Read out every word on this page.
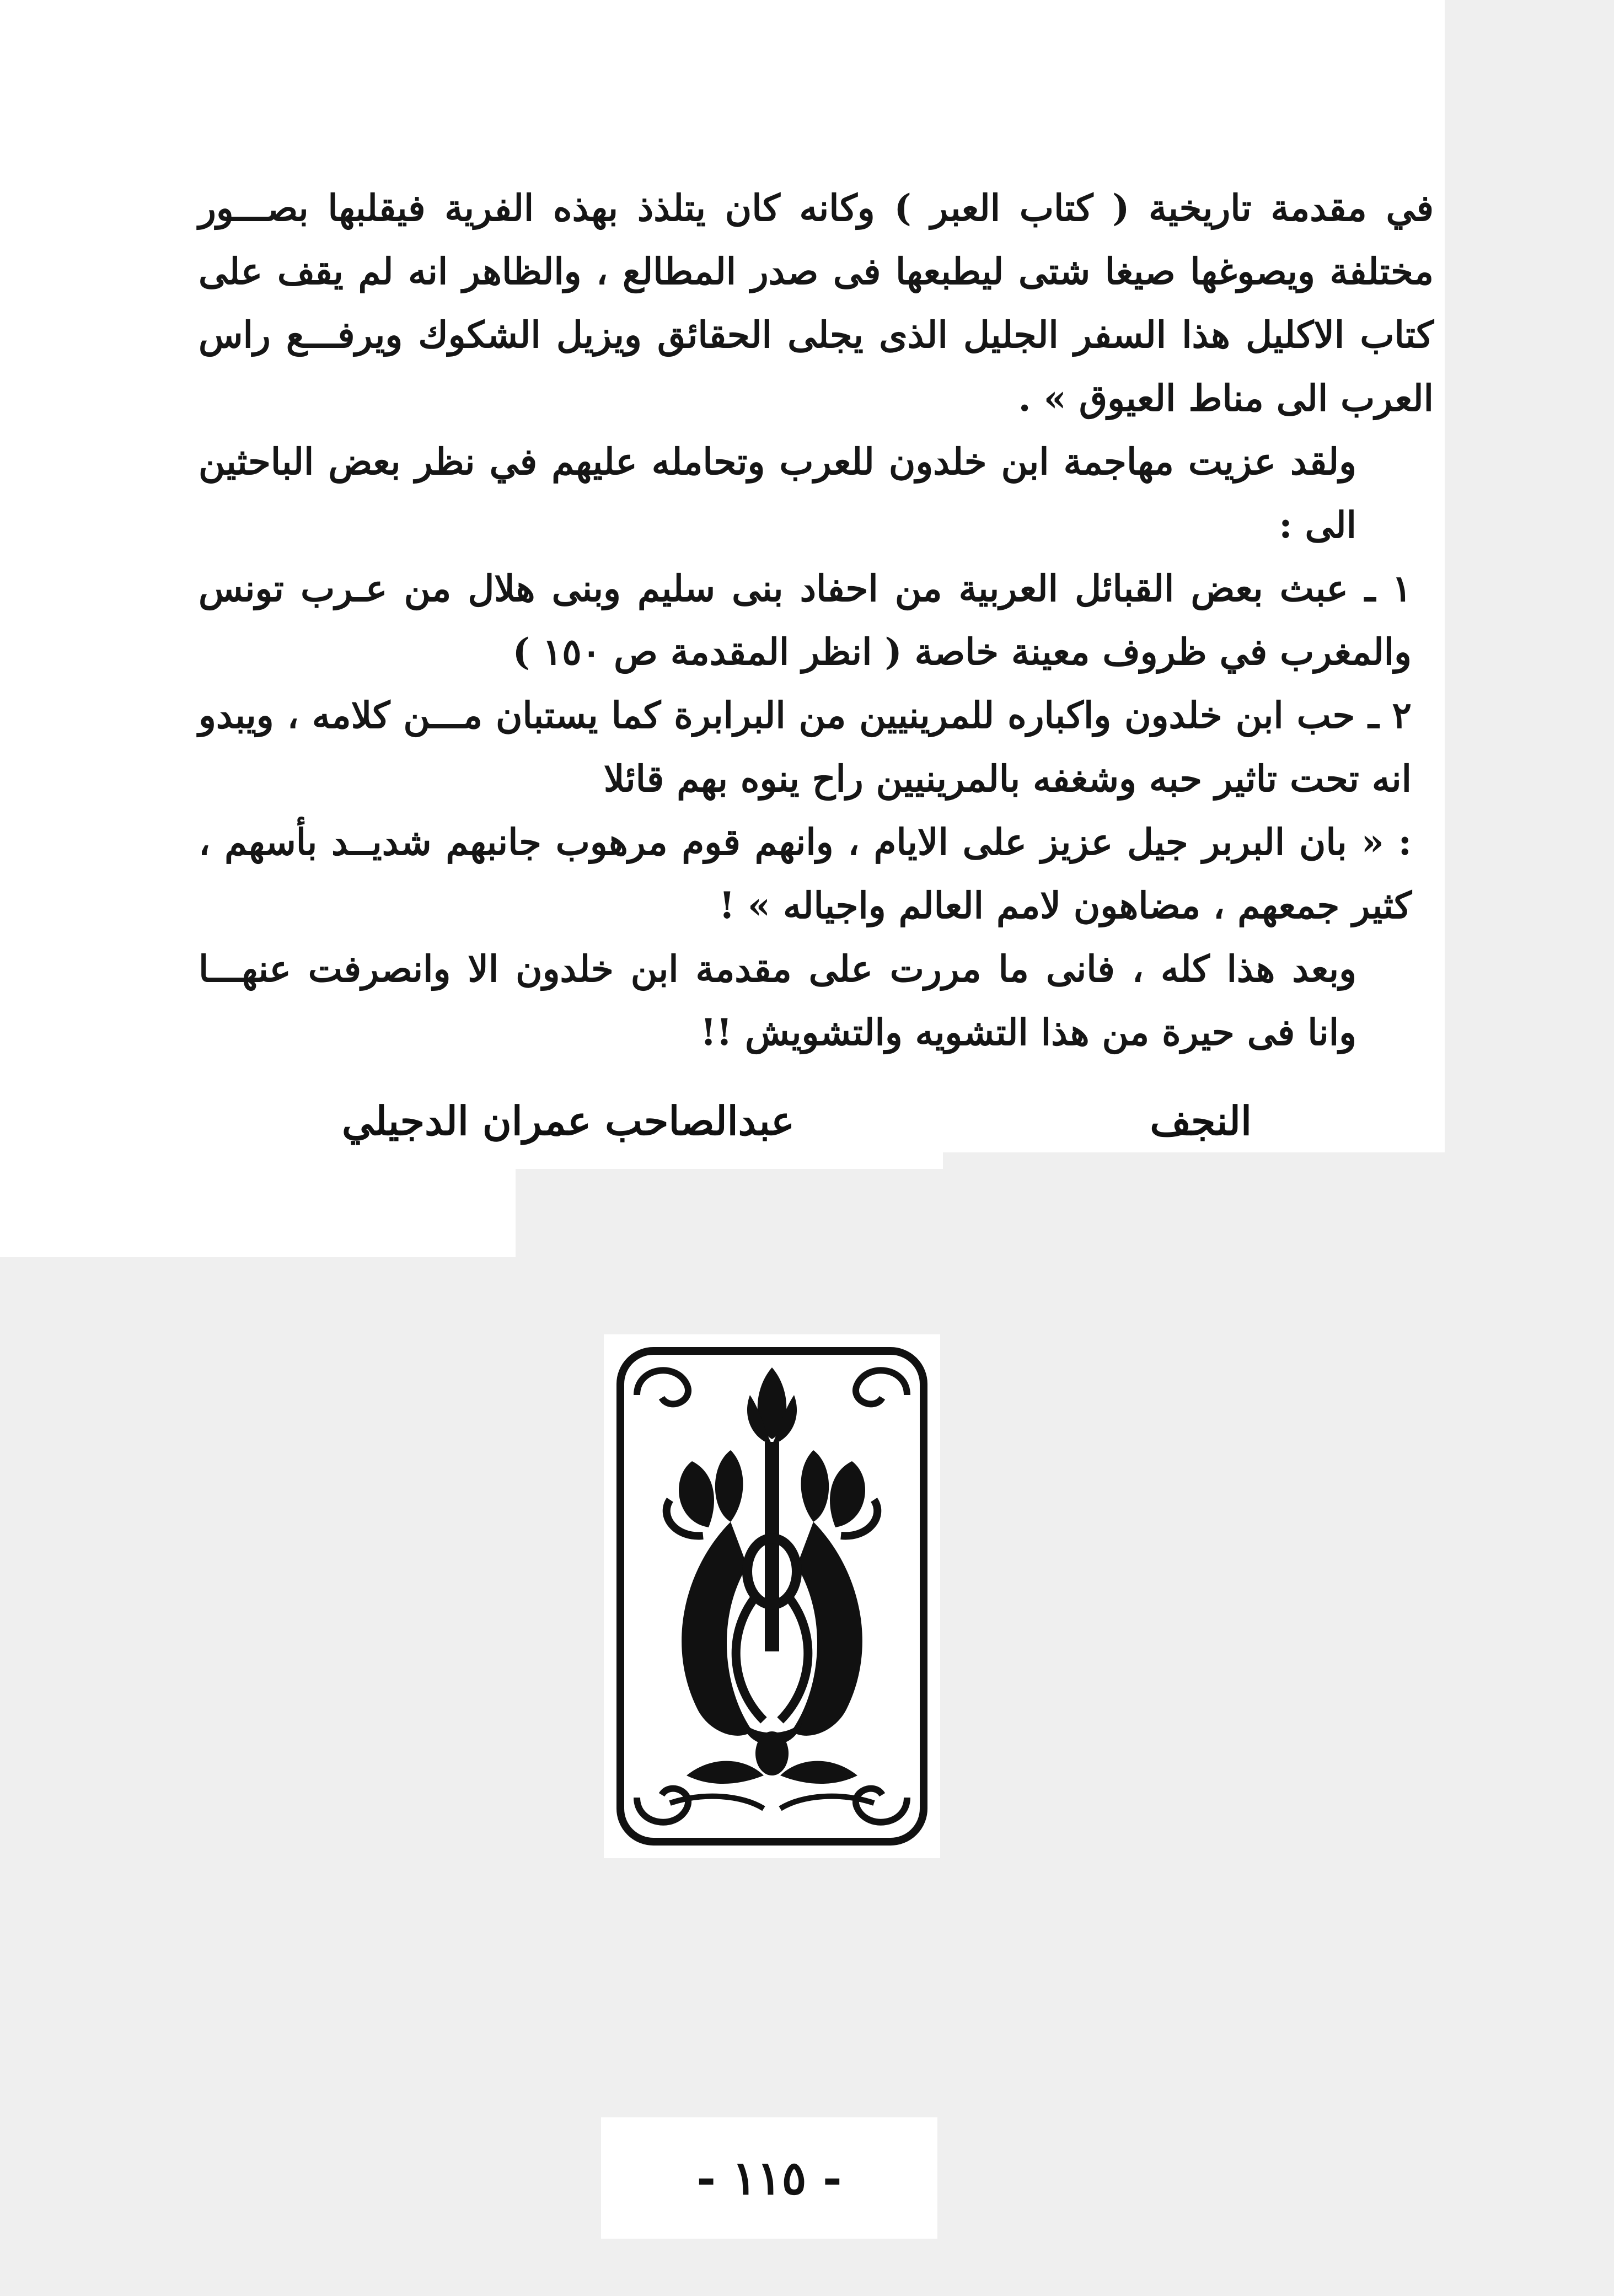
في مقدمة تاريخية ( كتاب العبر ) وكانه كان يتلذذ بهذه الفرية فيقلبها بصـــور مختلفة ويصوغها صيغا شتى ليطبعها فى صدر المطالع ، والظاهر انه لم يقف على كتاب الاكليل هذا السفر الجليل الذى يجلى الحقائق ويزيل الشكوك ويرفـــع راس العرب الى مناط العيوق » .

ولقد عزيت مهاجمة ابن خلدون للعرب وتحامله عليهم في نظر بعض الباحثين الى :

١ ـ عبث بعض القبائل العربية من احفاد بنى سليم وبنى هلال من عـرب تونس والمغرب في ظروف معينة خاصة ( انظر المقدمة ص ١٥٠ )

٢ ـ حب ابن خلدون واكباره للمرينيين من البرابرة كما يستبان مـــن كلامه ، ويبدو انه تحت تاثير حبه وشغفه بالمرينيين راح ينوه بهم قائلا

: « بان البربر جيل عزيز على الايام ، وانهم قوم مرهوب جانبهم شديــد بأسهم ، كثير جمعهم ، مضاهون لامم العالم واجياله » !

وبعد هذا كله ، فانى ما مررت على مقدمة ابن خلدون الا وانصرفت عنهـــا وانا فى حيرة من هذا التشويه والتشويش !!

النجف
عبدالصاحب عمران الدجيلي
- ١١٥ -
